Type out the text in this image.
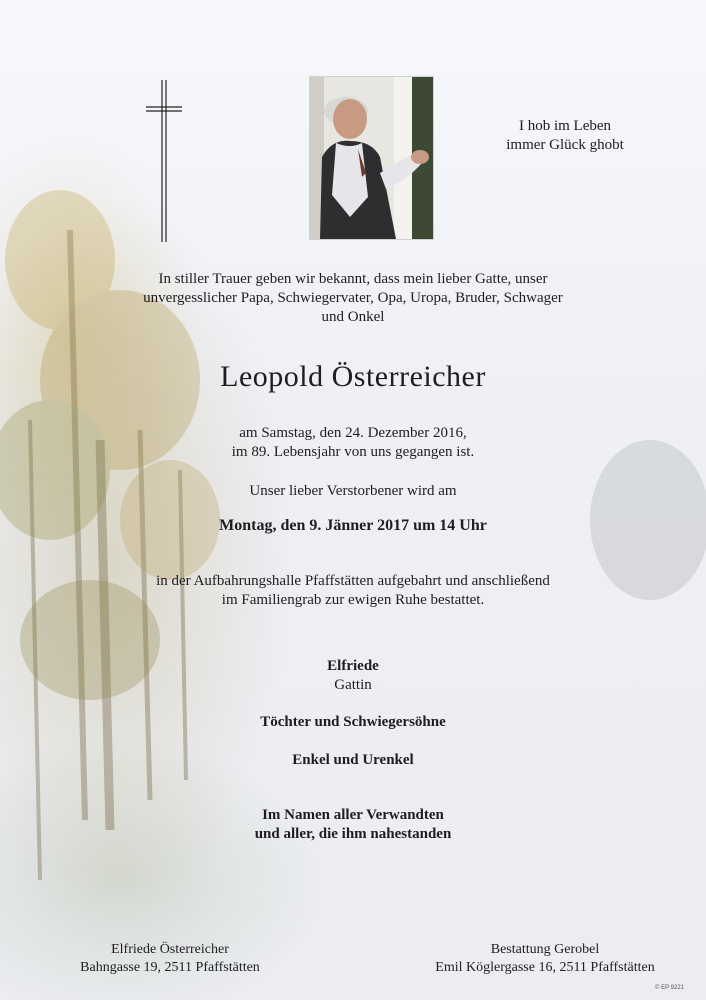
I hob im Leben
immer Glück ghobt
In stiller Trauer geben wir bekannt, dass mein lieber Gatte, unser
unvergesslicher Papa, Schwiegervater, Opa, Uropa, Bruder, Schwager
und Onkel
Leopold Österreicher
am Samstag, den 24. Dezember 2016,
im 89. Lebensjahr von uns gegangen ist.
Unser lieber Verstorbener wird am
Montag, den 9. Jänner 2017 um 14 Uhr
in der Aufbahrungshalle Pfaffstätten aufgebahrt und anschließend
im Familiengrab zur ewigen Ruhe bestattet.
Elfriede
Gattin
Töchter und Schwiegersöhne
Enkel und Urenkel
Im Namen aller Verwandten
und aller, die ihm nahestanden
Elfriede Österreicher
Bahngasse 19, 2511 Pfaffstätten
Bestattung Gerobel
Emil Köglergasse 16, 2511 Pfaffstätten
© EP 9221
